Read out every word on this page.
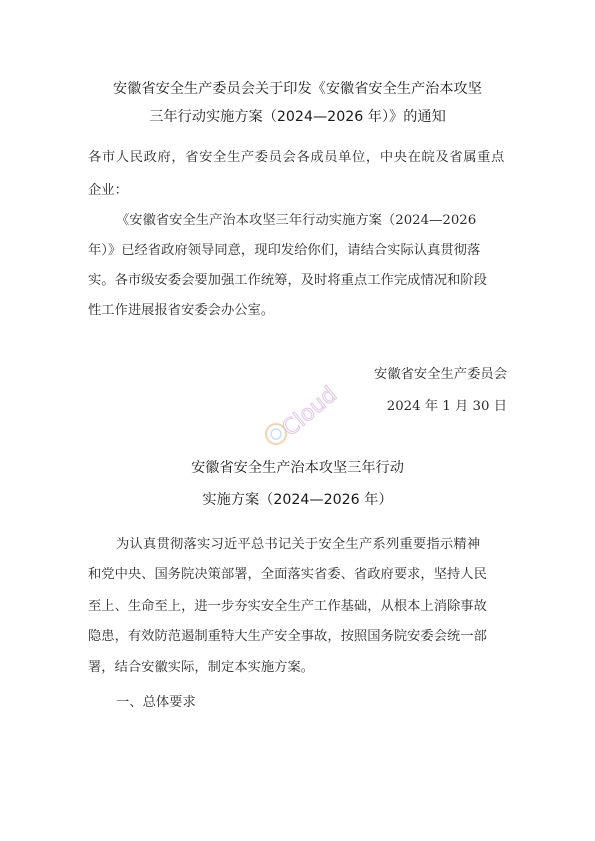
安徽省安全生产委员会关于印发《安徽省安全生产治本攻坚
三年行动实施方案（2024—2026 年）》的通知
各市人民政府，省安全生产委员会各成员单位，中央在皖及省属重点
企业：
《安徽省安全生产治本攻坚三年行动实施方案（2024—2026
年）》已经省政府领导同意，现印发给你们，请结合实际认真贯彻落
实。各市级安委会要加强工作统筹，及时将重点工作完成情况和阶段
性工作进展报省安委会办公室。
安徽省安全生产委员会
2024 年 1 月 30 日
Cloud
安徽省安全生产治本攻坚三年行动
实施方案（2024—2026 年）
为认真贯彻落实习近平总书记关于安全生产系列重要指示精神
和党中央、国务院决策部署，全面落实省委、省政府要求，坚持人民
至上、生命至上，进一步夯实安全生产工作基础，从根本上消除事故
隐患，有效防范遏制重特大生产安全事故，按照国务院安委会统一部
署，结合安徽实际，制定本实施方案。
一、总体要求
